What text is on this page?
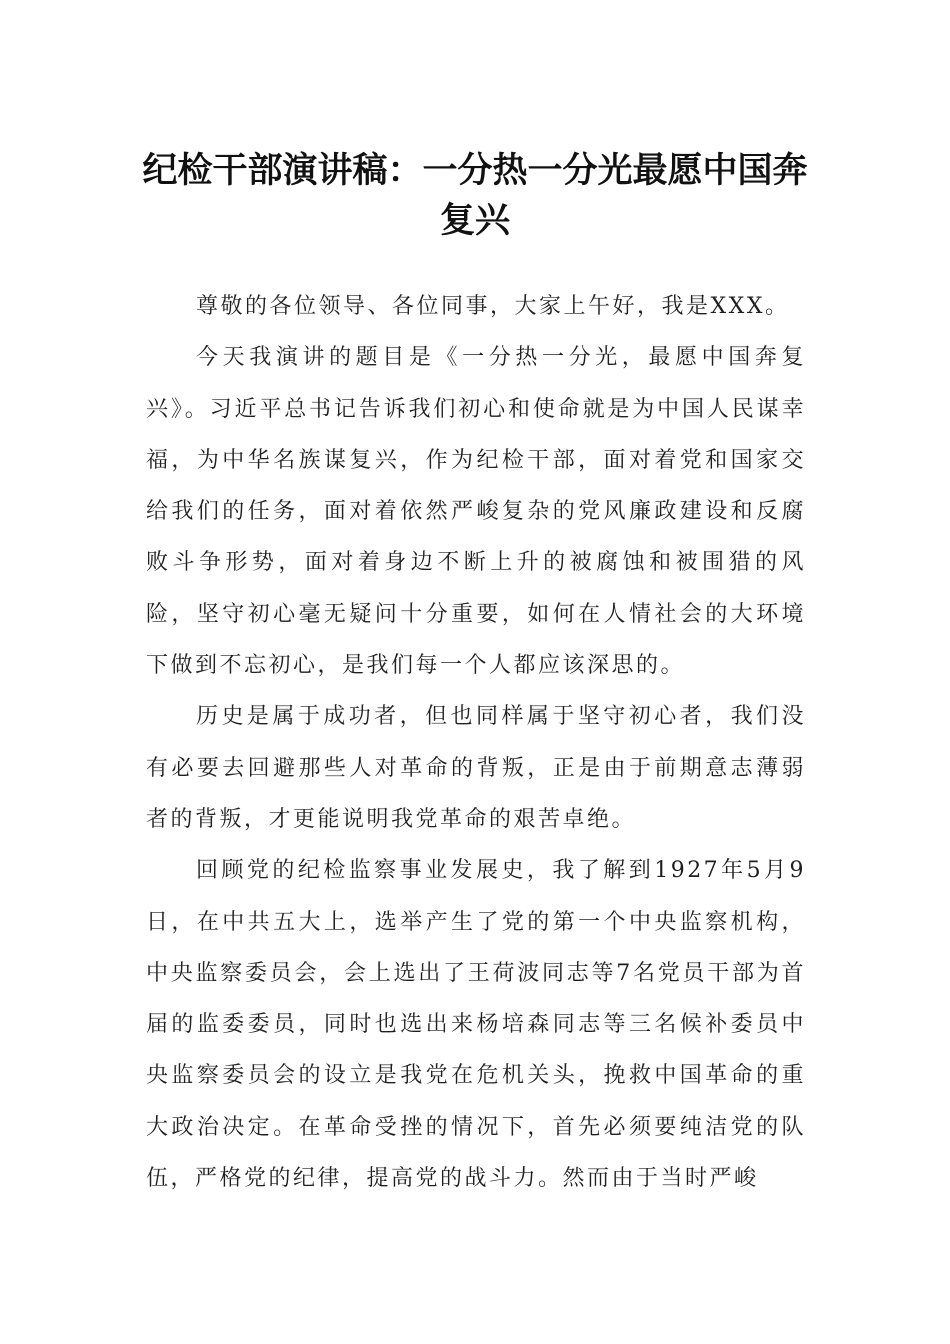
纪检干部演讲稿：一分热一分光最愿中国奔复兴

尊敬的各位领导、各位同事，大家上午好，我是XXX。

今天我演讲的题目是《一分热一分光，最愿中国奔复兴》。习近平总书记告诉我们初心和使命就是为中国人民谋幸福，为中华名族谋复兴，作为纪检干部，面对着党和国家交给我们的任务，面对着依然严峻复杂的党风廉政建设和反腐败斗争形势，面对着身边不断上升的被腐蚀和被围猎的风险，坚守初心毫无疑问十分重要，如何在人情社会的大环境下做到不忘初心，是我们每一个人都应该深思的。

历史是属于成功者，但也同样属于坚守初心者，我们没有必要去回避那些人对革命的背叛，正是由于前期意志薄弱者的背叛，才更能说明我党革命的艰苦卓绝。

回顾党的纪检监察事业发展史，我了解到1927年5月9日，在中共五大上，选举产生了党的第一个中央监察机构，中央监察委员会，会上选出了王荷波同志等7名党员干部为首届的监委委员，同时也选出来杨培森同志等三名候补委员中央监察委员会的设立是我党在危机关头，挽救中国革命的重大政治决定。在革命受挫的情况下，首先必须要纯洁党的队伍，严格党的纪律，提高党的战斗力。然而由于当时严峻
